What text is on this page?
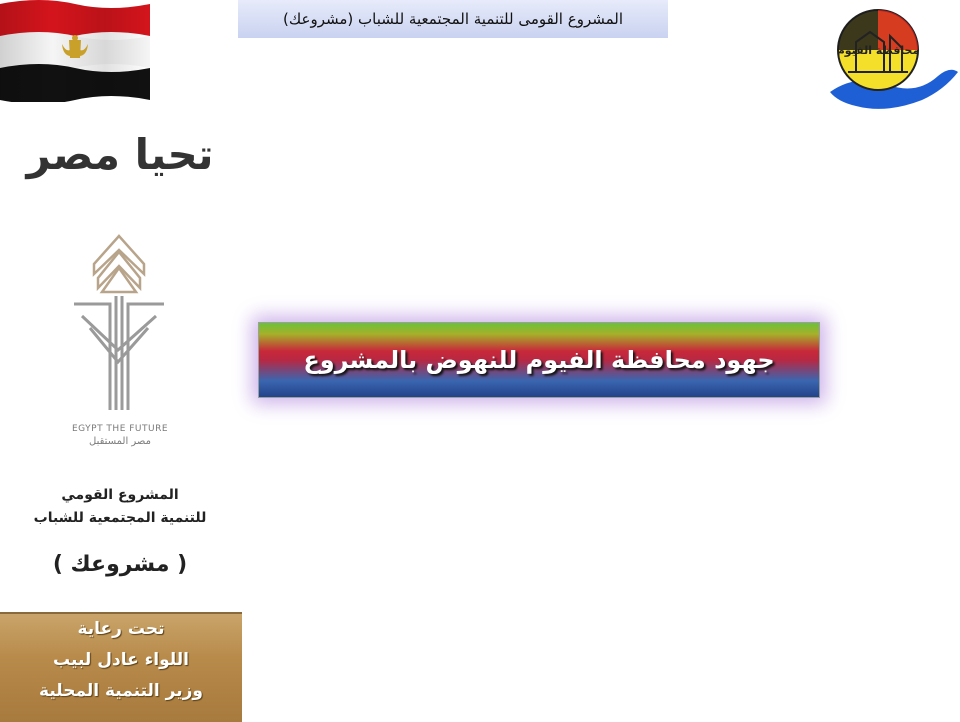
المشروع القومى للتنمية المجتمعية للشباب (مشروعك)
محافظة الفيوم
تحيا مصر
EGYPT THE FUTURE
مصر المستقبل
المشروع القومي
للتنمية المجتمعية للشباب
( مشروعك )
تحت رعاية
اللواء عادل لبيب
وزير التنمية المحلية
جهود محافظة الفيوم للنهوض بالمشروع
